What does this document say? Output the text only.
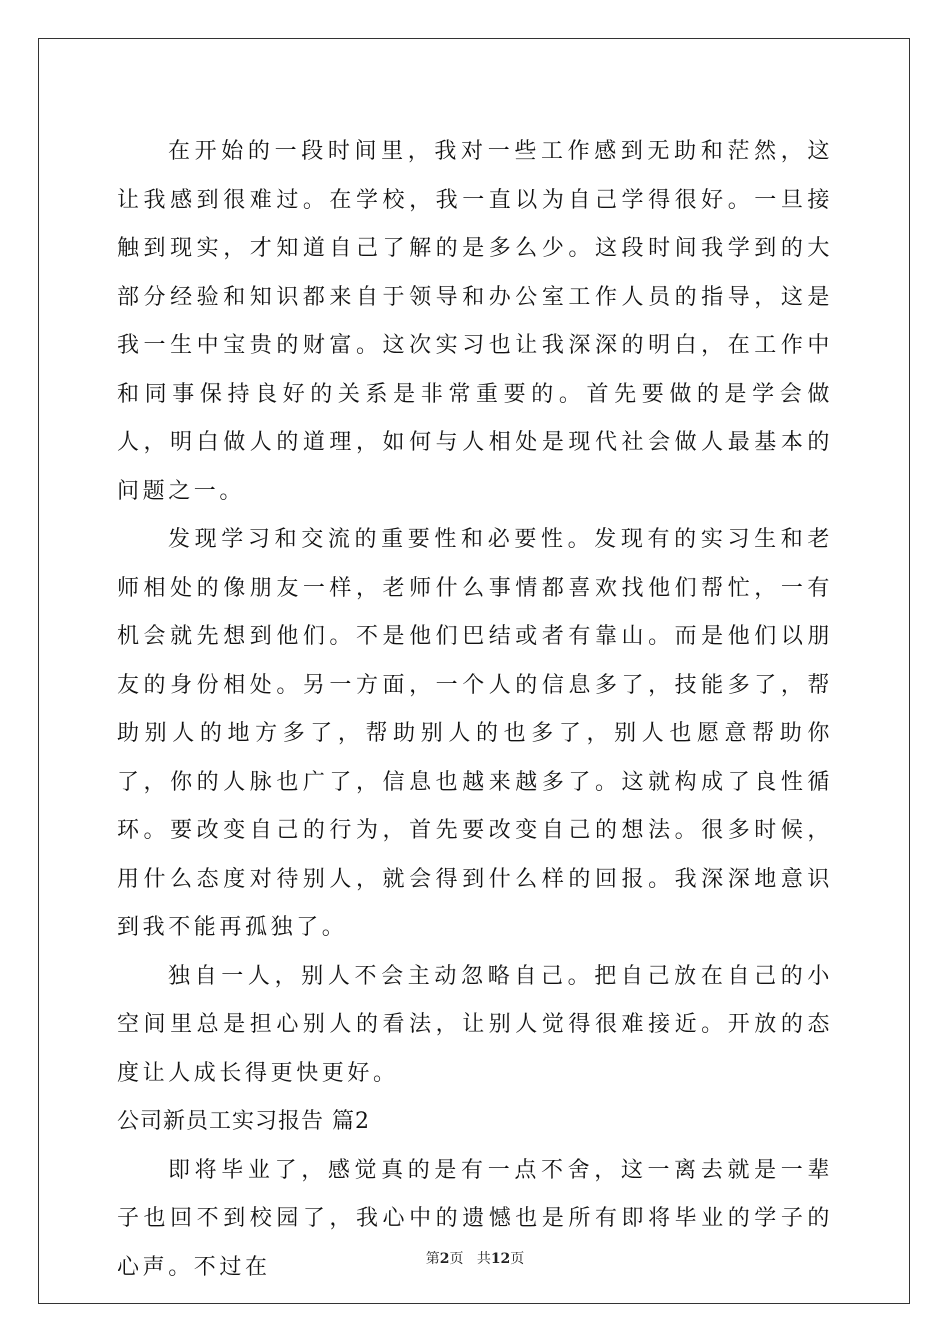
在开始的一段时间里，我对一些工作感到无助和茫然，这让我感到很难过。在学校，我一直以为自己学得很好。一旦接触到现实，才知道自己了解的是多么少。这段时间我学到的大部分经验和知识都来自于领导和办公室工作人员的指导，这是我一生中宝贵的财富。这次实习也让我深深的明白，在工作中和同事保持良好的关系是非常重要的。首先要做的是学会做人，明白做人的道理，如何与人相处是现代社会做人最基本的问题之一。

发现学习和交流的重要性和必要性。发现有的实习生和老师相处的像朋友一样，老师什么事情都喜欢找他们帮忙，一有机会就先想到他们。不是他们巴结或者有靠山。而是他们以朋友的身份相处。另一方面，一个人的信息多了，技能多了，帮助别人的地方多了，帮助别人的也多了，别人也愿意帮助你了，你的人脉也广了，信息也越来越多了。这就构成了良性循环。要改变自己的行为，首先要改变自己的想法。很多时候，用什么态度对待别人，就会得到什么样的回报。我深深地意识到我不能再孤独了。

独自一人，别人不会主动忽略自己。把自己放在自己的小空间里总是担心别人的看法，让别人觉得很难接近。开放的态度让人成长得更快更好。

公司新员工实习报告 篇2

即将毕业了，感觉真的是有一点不舍，这一离去就是一辈子也回不到校园了，我心中的遗憾也是所有即将毕业的学子的心声。不过在	第2页 共12页
